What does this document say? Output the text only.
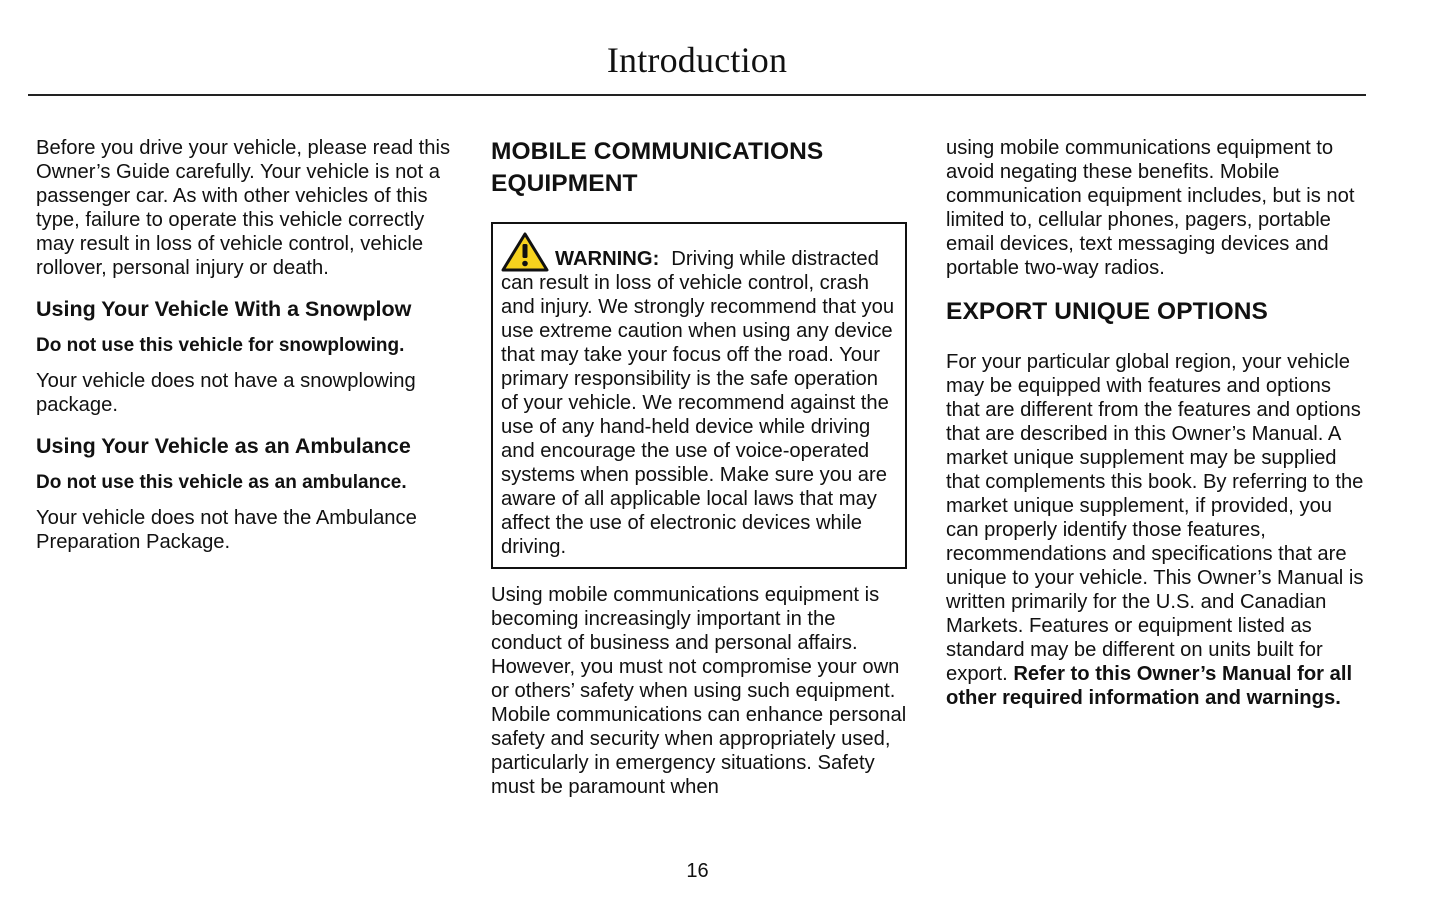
Introduction

Before you drive your vehicle, please read this Owner’s Guide carefully. Your vehicle is not a passenger car. As with other vehicles of this type, failure to operate this vehicle correctly may result in loss of vehicle control, vehicle rollover, personal injury or death.

Using Your Vehicle With a Snowplow

Do not use this vehicle for snowplowing.

Your vehicle does not have a snowplowing package.

Using Your Vehicle as an Ambulance

Do not use this vehicle as an ambulance.

Your vehicle does not have the Ambulance Preparation Package.

MOBILE COMMUNICATIONS EQUIPMENT
WARNING: Driving while distracted

can result in loss of vehicle control, crash and injury. We strongly recommend that you use extreme caution when using any device that may take your focus off the road. Your primary responsibility is the safe operation of your vehicle. We recommend against the use of any hand-held device while driving and encourage the use of voice-operated systems when possible. Make sure you are aware of all applicable local laws that may affect the use of electronic devices while driving.

Using mobile communications equipment is becoming increasingly important in the conduct of business and personal affairs. However, you must not compromise your own or others’ safety when using such equipment. Mobile communications can enhance personal safety and security when appropriately used, particularly in emergency situations. Safety must be paramount when

using mobile communications equipment to avoid negating these benefits. Mobile communication equipment includes, but is not limited to, cellular phones, pagers, portable email devices, text messaging devices and portable two-way radios.

EXPORT UNIQUE OPTIONS

For your particular global region, your vehicle may be equipped with features and options that are different from the features and options that are described in this Owner’s Manual. A market unique supplement may be supplied that complements this book. By referring to the market unique supplement, if provided, you can properly identify those features, recommendations and specifications that are unique to your vehicle. This Owner’s Manual is written primarily for the U.S. and Canadian Markets. Features or equipment listed as standard may be different on units built for export. Refer to this Owner’s Manual for all other required information and warnings.

16
